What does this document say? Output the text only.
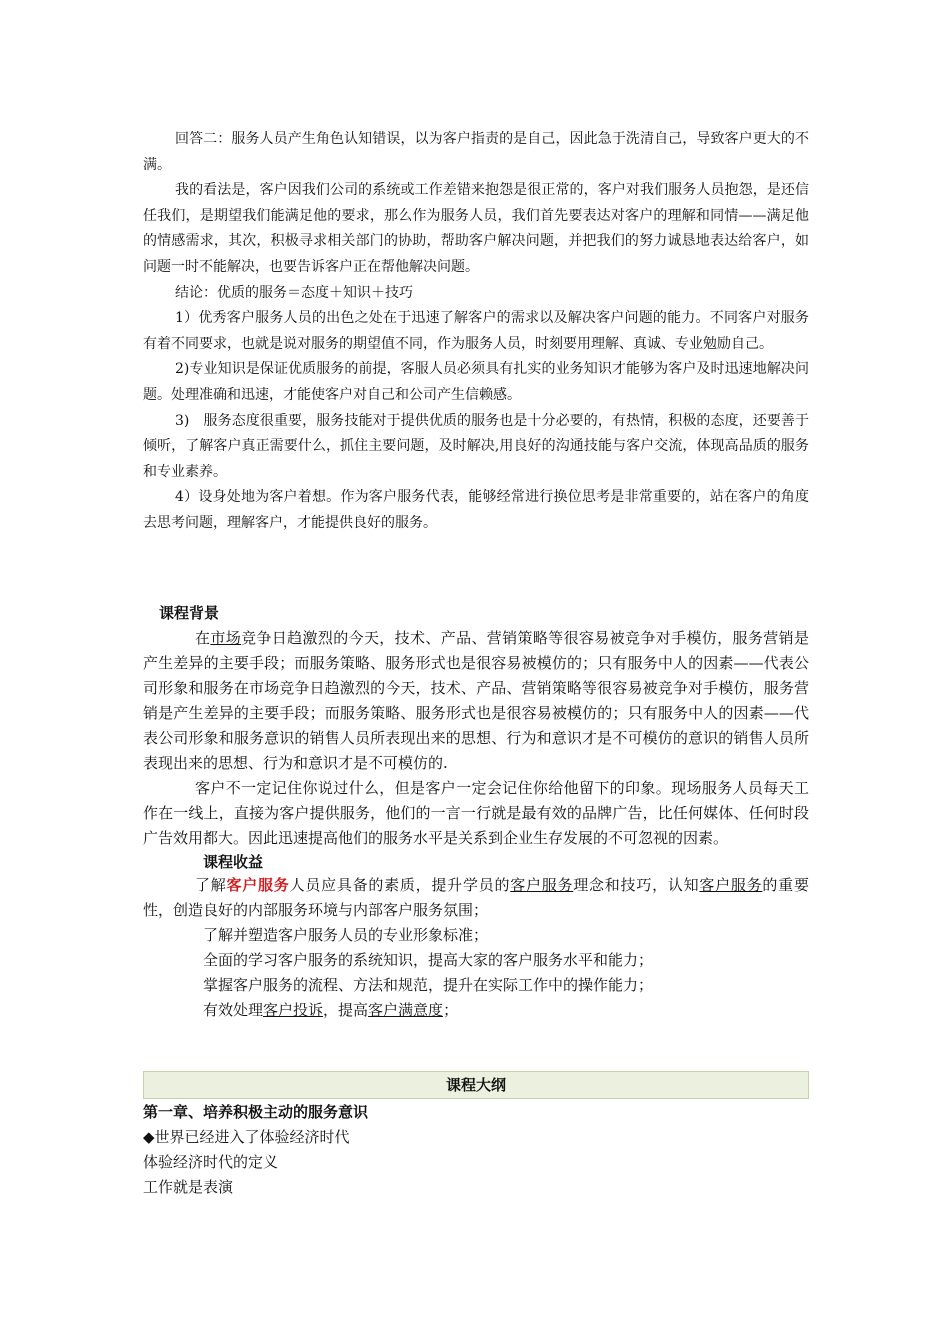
回答二：服务人员产生角色认知错误，以为客户指责的是自己，因此急于洗清自己，导致客户更大的不满。

我的看法是，客户因我们公司的系统或工作差错来抱怨是很正常的，客户对我们服务人员抱怨，是还信任我们，是期望我们能满足他的要求，那么作为服务人员，我们首先要表达对客户的理解和同情——满足他的情感需求，其次，积极寻求相关部门的协助，帮助客户解决问题，并把我们的努力诚恳地表达给客户，如问题一时不能解决，也要告诉客户正在帮他解决问题。

结论：优质的服务＝态度＋知识＋技巧

1）优秀客户服务人员的出色之处在于迅速了解客户的需求以及解决客户问题的能力。不同客户对服务有着不同要求，也就是说对服务的期望值不同，作为服务人员，时刻要用理解、真诚、专业勉励自己。

2)专业知识是保证优质服务的前提，客服人员必须具有扎实的业务知识才能够为客户及时迅速地解决问题。处理准确和迅速，才能使客户对自己和公司产生信赖感。

3)　服务态度很重要，服务技能对于提供优质的服务也是十分必要的，有热情，积极的态度，还要善于倾听，了解客户真正需要什么，抓住主要问题，及时解决,用良好的沟通技能与客户交流，体现高品质的服务和专业素养。

4）设身处地为客户着想。作为客户服务代表，能够经常进行换位思考是非常重要的，站在客户的角度去思考问题，理解客户，才能提供良好的服务。

课程背景

在市场竞争日趋激烈的今天，技术、产品、营销策略等很容易被竞争对手模仿，服务营销是产生差异的主要手段；而服务策略、服务形式也是很容易被模仿的；只有服务中人的因素——代表公司形象和服务在市场竞争日趋激烈的今天，技术、产品、营销策略等很容易被竞争对手模仿，服务营销是产生差异的主要手段；而服务策略、服务形式也是很容易被模仿的；只有服务中人的因素——代表公司形象和服务意识的销售人员所表现出来的思想、行为和意识才是不可模仿的意识的销售人员所表现出来的思想、行为和意识才是不可模仿的.

客户不一定记住你说过什么，但是客户一定会记住你给他留下的印象。现场服务人员每天工作在一线上，直接为客户提供服务，他们的一言一行就是最有效的品牌广告，比任何媒体、任何时段广告效用都大。因此迅速提高他们的服务水平是关系到企业生存发展的不可忽视的因素。

课程收益

了解客户服务人员应具备的素质，提升学员的客户服务理念和技巧，认知客户服务的重要性，创造良好的内部服务环境与内部客户服务氛围；

了解并塑造客户服务人员的专业形象标准；

全面的学习客户服务的系统知识，提高大家的客户服务水平和能力；

掌握客户服务的流程、方法和规范，提升在实际工作中的操作能力；

有效处理客户投诉，提高客户满意度；

课程大纲

第一章、培养积极主动的服务意识

◆世界已经进入了体验经济时代

体验经济时代的定义

工作就是表演
